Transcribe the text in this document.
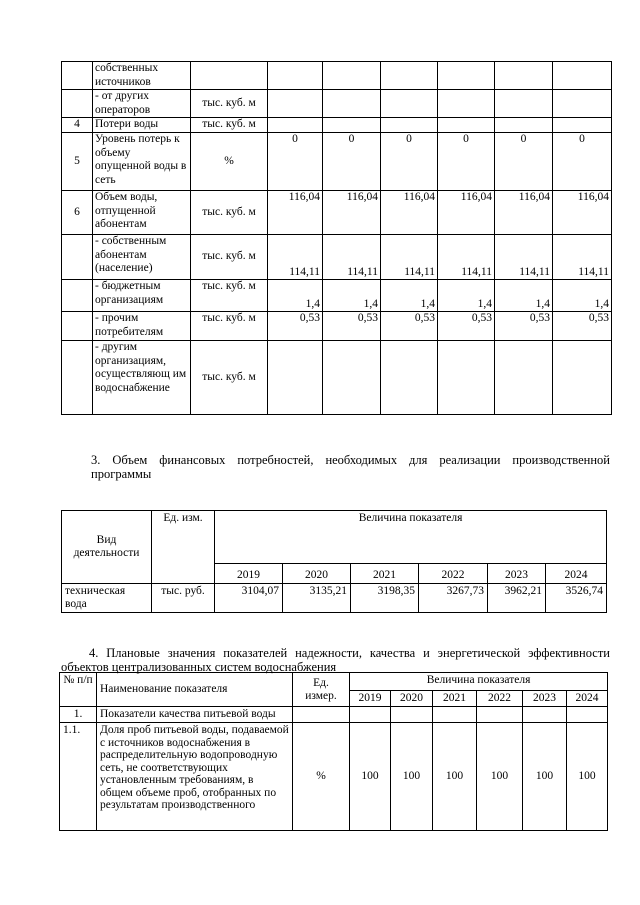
	собственных источников							
	- от других операторов	тыс. куб. м						
4	Потери воды	тыс. куб. м						
5	Уровень потерь к объему опущенной воды в сеть	%	0	0	0	0	0	0
6	Объем воды, отпущенной абонентам	тыс. куб. м	116,04	116,04	116,04	116,04	116,04	116,04
	- собственным абонентам (население)	тыс. куб. м	114,11	114,11	114,11	114,11	114,11	114,11
	- бюджетным организациям	тыс. куб. м	1,4	1,4	1,4	1,4	1,4	1,4
	- прочим потребителям	тыс. куб. м	0,53	0,53	0,53	0,53	0,53	0,53
	- другим организациям, осуществляющ им водоснабжение	тыс. куб. м						
3. Объем финансовых потребностей, необходимых для реализации производственной программы
Вид деятельности	Ед. изм.	Величина показателя					
		2019	2020	2021	2022	2023	2024
техническая вода	тыс. руб.	3104,07	3135,21	3198,35	3267,73	3962,21	3526,74
4. Плановые значения показателей надежности, качества и энергетической эффективности объектов централизованных систем водоснабжения
№ п/п	Наименование показателя	Ед. измер.	Величина показателя					
			2019	2020	2021	2022	2023	2024
1.	Показатели качества питьевой воды							
1.1.	Доля проб питьевой воды, подаваемой с источников водоснабжения в распределительную водопроводную сеть, не соответствующих установленным требованиям, в общем объеме проб, отобранных по результатам производственного	%	100	100	100	100	100	100
